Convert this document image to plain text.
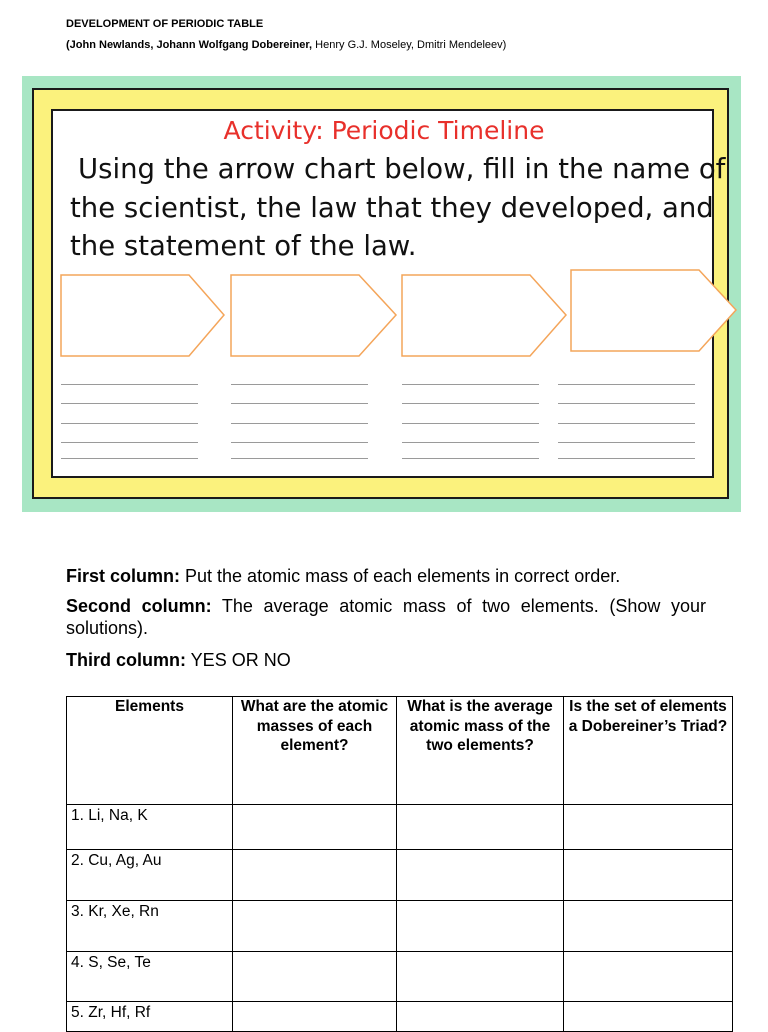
DEVELOPMENT OF PERIODIC TABLE
(John Newlands, Johann Wolfgang Dobereiner, Henry G.J. Moseley, Dmitri Mendeleev)
Activity: Periodic Timeline
Using the arrow chart below, fill in the name of
the scientist, the law that they developed, and
the statement of the law.
First column: Put the atomic mass of each elements in correct order.
Second column: The average atomic mass of two elements. (Show your solutions).
Third column: YES OR NO
Elements	What are the atomic masses of each element?	What is the average atomic mass of the two elements?	Is the set of elements a Dobereiner’s Triad?
1. Li, Na, K			
2. Cu, Ag, Au			
3. Kr, Xe, Rn			
4. S, Se, Te			
5. Zr, Hf, Rf			
